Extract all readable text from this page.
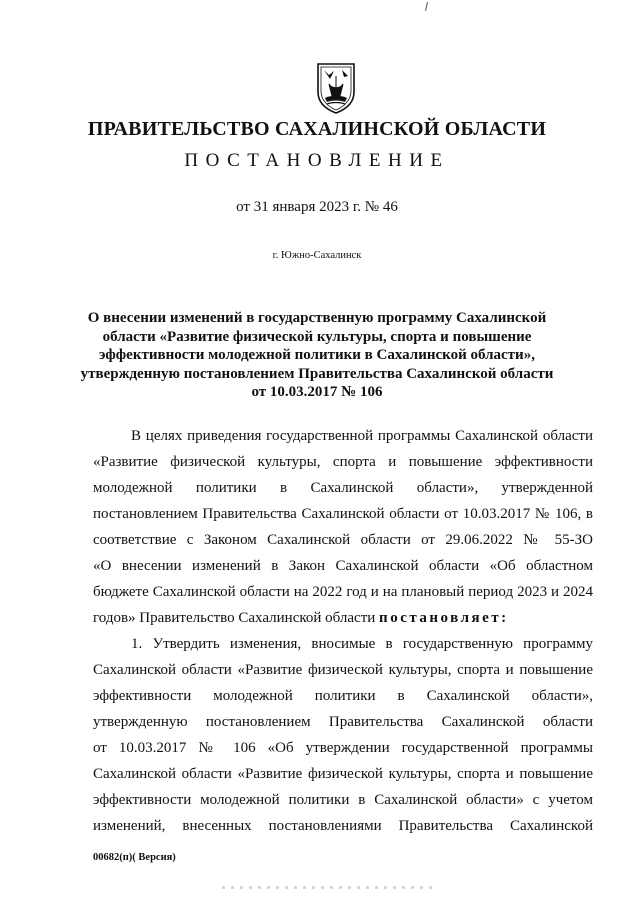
ПРАВИТЕЛЬСТВО САХАЛИНСКОЙ ОБЛАСТИ
ПОСТАНОВЛЕНИЕ
от 31 января 2023 г. № 46
г. Южно-Сахалинск
О внесении изменений в государственную программу Сахалинской
области «Развитие физической культуры, спорта и повышение
эффективности молодежной политики в Сахалинской области»,
утвержденную постановлением Правительства Сахалинской области
от 10.03.2017 № 106
В целях приведения государственной программы Сахалинской области
«Развитие физической культуры, спорта и повышение эффективности
молодежной политики в Сахалинской области», утвержденной
постановлением Правительства Сахалинской области от 10.03.2017 № 106, в
соответствие с Законом Сахалинской области от 29.06.2022 № 55-ЗО
«О внесении изменений в Закон Сахалинской области «Об областном
бюджете Сахалинской области на 2022 год и на плановый период 2023 и 2024
годов» Правительство Сахалинской области постановляет:
1. Утвердить изменения, вносимые в государственную программу
Сахалинской области «Развитие физической культуры, спорта и повышение
эффективности молодежной политики в Сахалинской области»,
утвержденную постановлением Правительства Сахалинской области
от 10.03.2017 № 106 «Об утверждении государственной программы
Сахалинской области «Развитие физической культуры, спорта и повышение
эффективности молодежной политики в Сахалинской области» с учетом
изменений, внесенных постановлениями Правительства Сахалинской
00682(п)( Версия)
